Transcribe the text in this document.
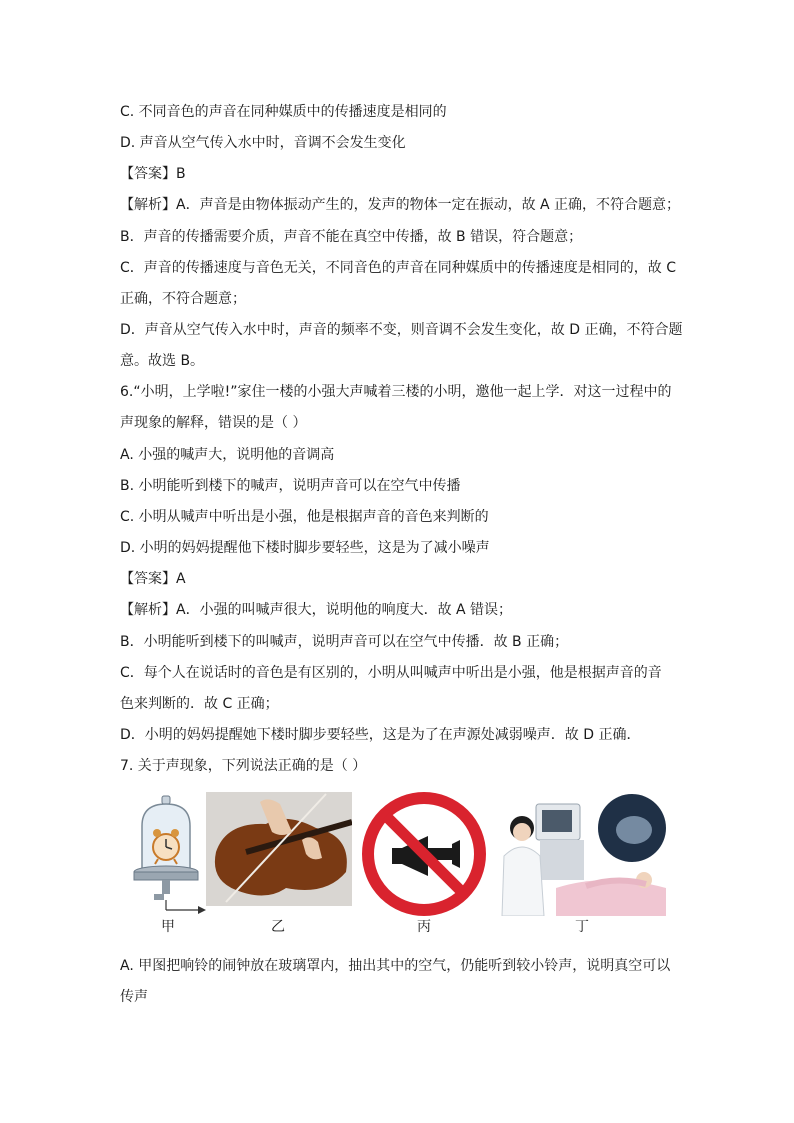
C. 不同音色的声音在同种媒质中的传播速度是相同的
D. 声音从空气传入水中时，音调不会发生变化
【答案】B
【解析】A．声音是由物体振动产生的，发声的物体一定在振动，故 A 正确，不符合题意；
B．声音的传播需要介质，声音不能在真空中传播，故 B 错误，符合题意；
C．声音的传播速度与音色无关，不同音色的声音在同种媒质中的传播速度是相同的，故 C
正确，不符合题意；
D．声音从空气传入水中时，声音的频率不变，则音调不会发生变化，故 D 正确，不符合题
意。故选 B。
6.“小明，上学啦!”家住一楼的小强大声喊着三楼的小明，邀他一起上学．对这一过程中的
声现象的解释，错误的是（ ）
A. 小强的喊声大，说明他的音调高
B. 小明能听到楼下的喊声，说明声音可以在空气中传播
C. 小明从喊声中听出是小强，他是根据声音的音色来判断的
D. 小明的妈妈提醒他下楼时脚步要轻些，这是为了减小噪声
【答案】A
【解析】A．小强的叫喊声很大，说明他的响度大．故 A 错误；
B．小明能听到楼下的叫喊声，说明声音可以在空气中传播．故 B 正确；
C．每个人在说话时的音色是有区别的，小明从叫喊声中听出是小强，他是根据声音的音
色来判断的．故 C 正确；
D．小明的妈妈提醒她下楼时脚步要轻些，这是为了在声源处减弱噪声．故 D 正确．
7. 关于声现象，下列说法正确的是（ ）
甲	乙	丙	丁
A. 甲图把响铃的闹钟放在玻璃罩内，抽出其中的空气，仍能听到较小铃声，说明真空可以
传声
